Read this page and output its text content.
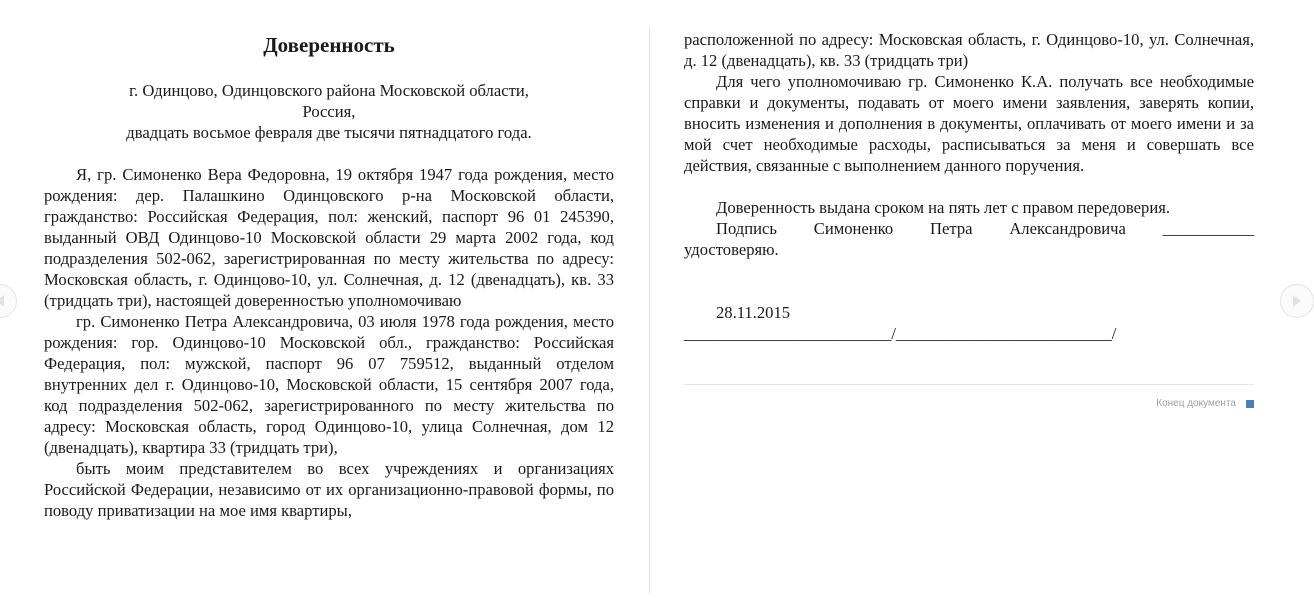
Доверенность
г. Одинцово, Одинцовского района Московской области,
Россия,
двадцать восьмое февраля две тысячи пятнадцатого года.

Я, гр. Симоненко Вера Федоровна, 19 октября 1947 года рождения, место рождения: дер. Палашкино Одинцовского р-на Московской области, гражданство: Российская Федерация, пол: женский, паспорт 96 01 245390, выданный ОВД Одинцово-10 Московской области 29 марта 2002 года, код подразделения 502-062, зарегистрированная по месту жительства по адресу: Московская область, г. Одинцово-10, ул. Солнечная, д. 12 (двенадцать), кв. 33 (тридцать три), настоящей доверенностью уполномочиваю

гр. Симоненко Петра Александровича, 03 июля 1978 года рождения, место рождения: гор. Одинцово-10 Московской обл., гражданство: Российская Федерация, пол: мужской, паспорт 96 07 759512, выданный отделом внутренних дел г. Одинцово-10, Московской области, 15 сентября 2007 года, код подразделения 502-062, зарегистрированного по месту жительства по адресу: Московская область, город Одинцово-10, улица Солнечная, дом 12 (двенадцать), квартира 33 (тридцать три),

быть моим представителем во всех учреждениях и организациях Российской Федерации, независимо от их организационно-правовой формы, по поводу приватизации на мое имя квартиры,

расположенной по адресу: Московская область, г. Одинцово-10, ул. Солнечная, д. 12 (двенадцать), кв. 33 (тридцать три)

Для чего уполномочиваю гр. Симоненко К.А. получать все необходимые справки и документы, подавать от моего имени заявления, заверять копии, вносить изменения и дополнения в документы, оплачивать от моего имени и за мой счет необходимые расходы, расписываться за меня и совершать все действия, связанные с выполнением данного поручения.

Доверенность выдана сроком на пять лет с правом передоверия.

Подпись Симоненко Петра Александровича ___________

удостоверяю.

28.11.2015

_________________________/__________________________/

Конец документа
